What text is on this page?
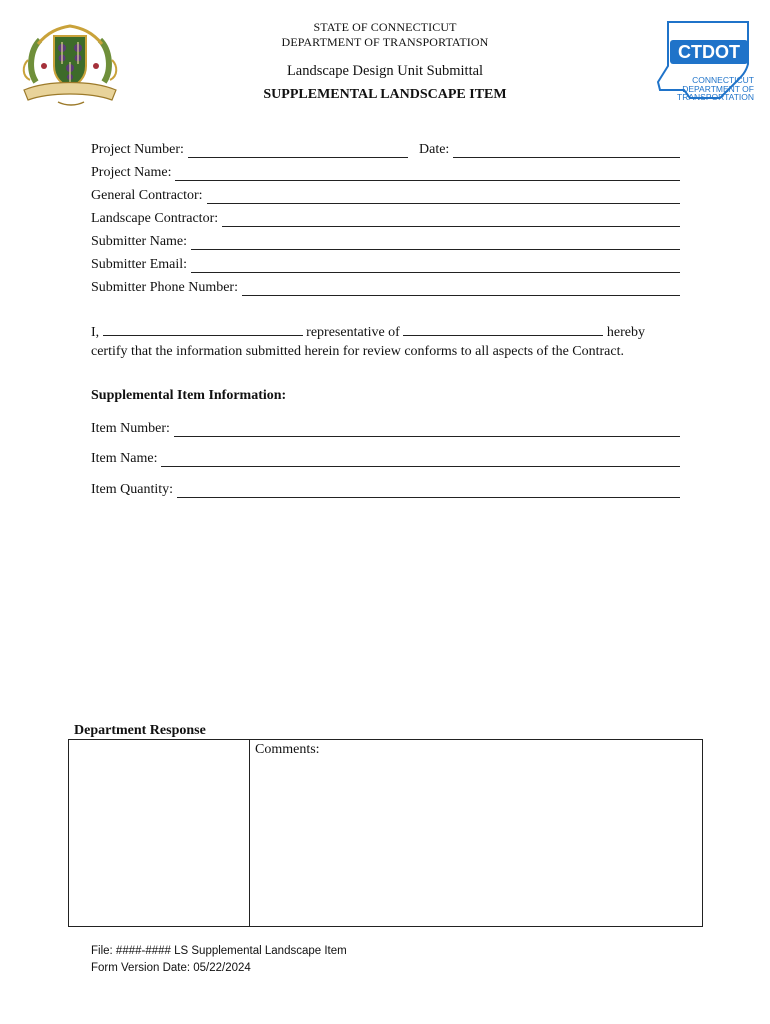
STATE OF CONNECTICUT
DEPARTMENT OF TRANSPORTATION
Landscape Design Unit Submittal
SUPPLEMENTAL LANDSCAPE ITEM
CTDOT
CONNECTICUT
DEPARTMENT OF
TRANSPORTATION
Project Number:	Date:
Project Name:
General Contractor:
Landscape Contractor:
Submitter Name:
Submitter Email:
Submitter Phone Number:
I,	representative of	hereby
certify that the information submitted herein for review conforms to all aspects of the Contract.
Supplemental Item Information:
Item Number:
Item Name:
Item Quantity:
Department Response
Comments:
File: ####-#### LS Supplemental Landscape Item
Form Version Date: 05/22/2024
